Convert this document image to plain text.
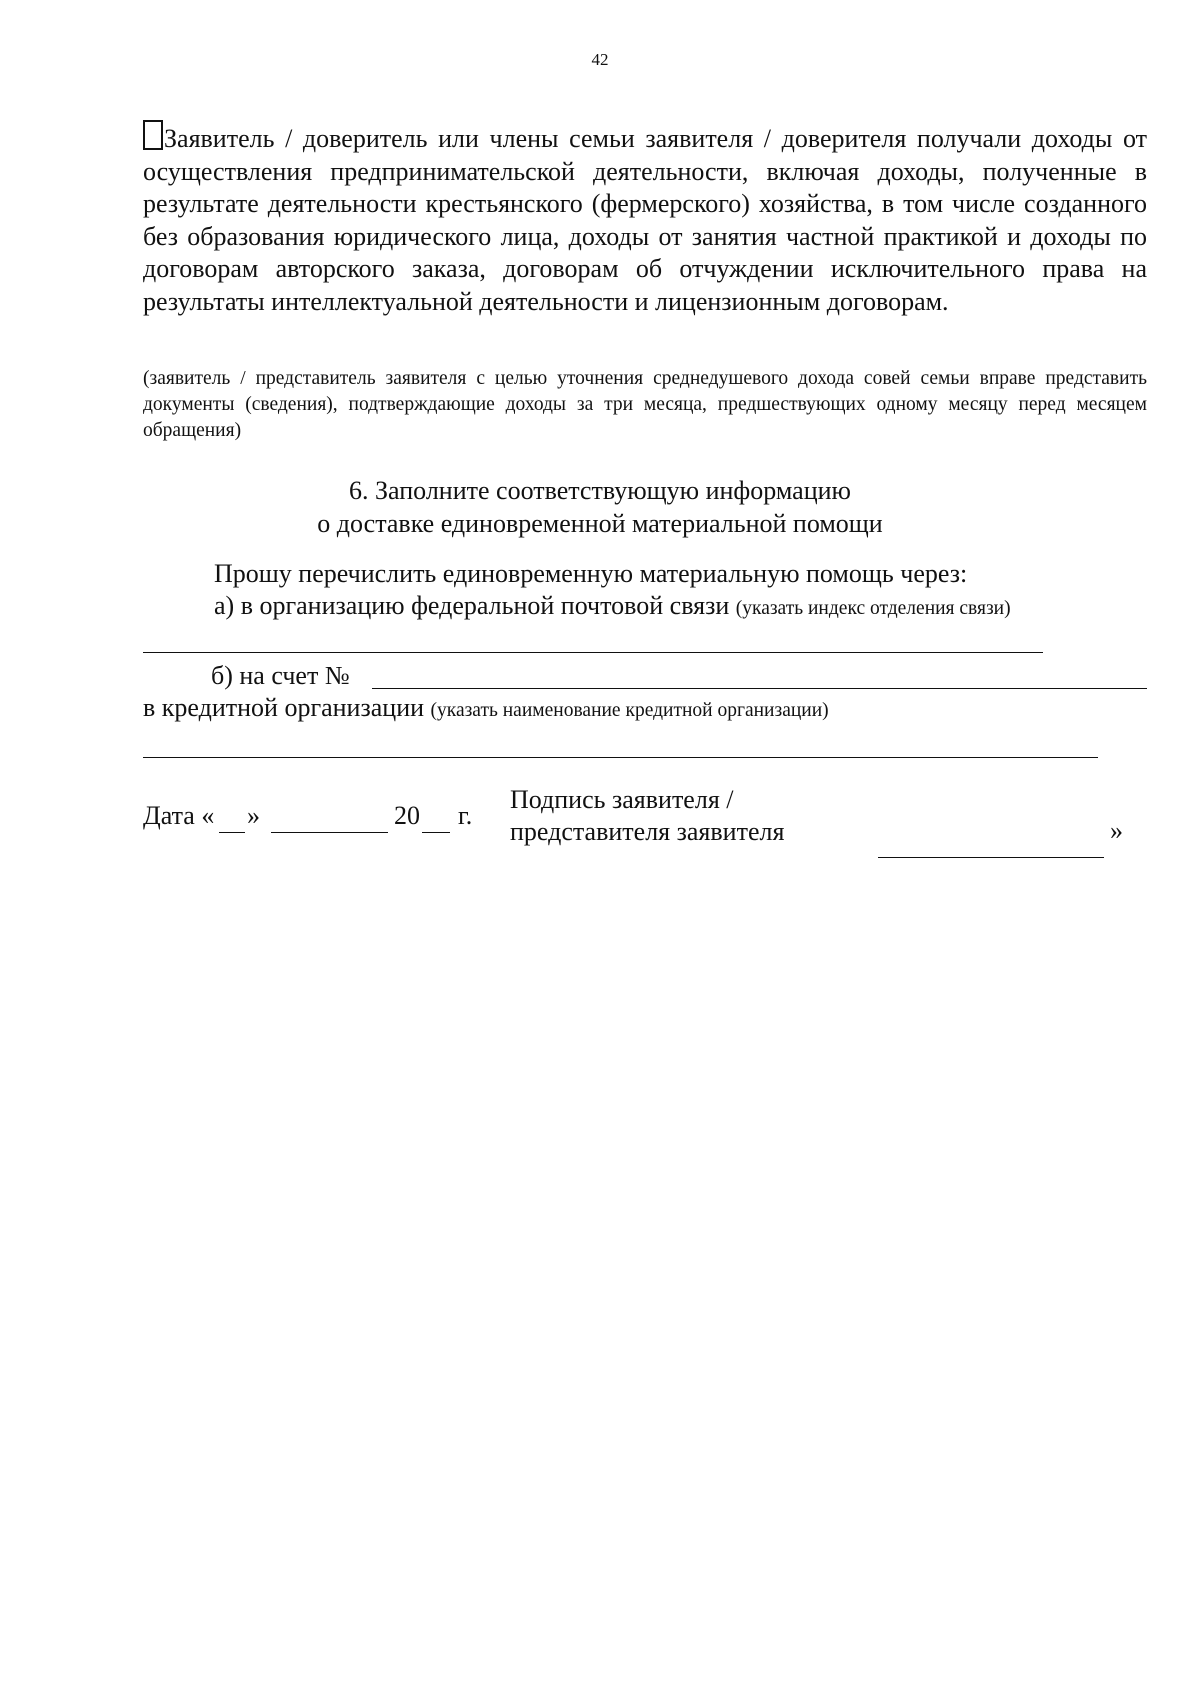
42

Заявитель / доверитель или члены семьи заявителя / доверителя получали доходы от осуществления предпринимательской деятельности, включая доходы, полученные в результате деятельности крестьянского (фермерского) хозяйства, в том числе созданного без образования юридического лица, доходы от занятия частной практикой и доходы по договорам авторского заказа, договорам об отчуждении исключительного права на результаты интеллектуальной деятельности и лицензионным договорам.

(заявитель / представитель заявителя с целью уточнения среднедушевого дохода совей семьи вправе представить документы (сведения), подтверждающие доходы за три месяца, предшествующих одному месяцу перед месяцем обращения)

6. Заполните соответствующую информацию
о доставке единовременной материальной помощи
Прошу перечислить единовременную материальную помощь через:
а) в организацию федеральной почтовой связи (указать индекс отделения связи)
б) на счет №
в кредитной организации (указать наименование кредитной организации)
Дата « »	20 г.
Подпись заявителя /
представителя заявителя	»
